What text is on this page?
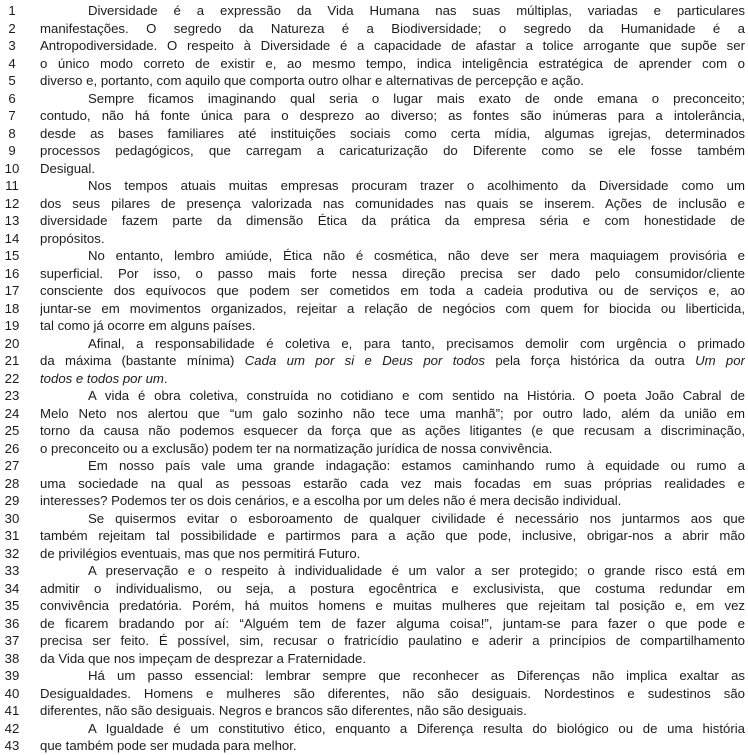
1	Diversidade é a expressão da Vida Humana nas suas múltiplas, variadas e particulares
2	manifestações. O segredo da Natureza é a Biodiversidade; o segredo da Humanidade é a
3	Antropodiversidade. O respeito à Diversidade é a capacidade de afastar a tolice arrogante que supõe ser
4	o único modo correto de existir e, ao mesmo tempo, indica inteligência estratégica de aprender com o
5	diverso e, portanto, com aquilo que comporta outro olhar e alternativas de percepção e ação.
6	Sempre ficamos imaginando qual seria o lugar mais exato de onde emana o preconceito;
7	contudo, não há fonte única para o desprezo ao diverso; as fontes são inúmeras para a intolerância,
8	desde as bases familiares até instituições sociais como certa mídia, algumas igrejas, determinados
9	processos pedagógicos, que carregam a caricaturização do Diferente como se ele fosse também
10 Desigual.
11	Nos tempos atuais muitas empresas procuram trazer o acolhimento da Diversidade como um
12 dos seus pilares de presença valorizada nas comunidades nas quais se inserem. Ações de inclusão e
13 diversidade fazem parte da dimensão Ética da prática da empresa séria e com honestidade de
14 propósitos.
15	No entanto, lembro amiúde, Ética não é cosmética, não deve ser mera maquiagem provisória e
16 superficial. Por isso, o passo mais forte nessa direção precisa ser dado pelo consumidor/cliente
17 consciente dos equívocos que podem ser cometidos em toda a cadeia produtiva ou de serviços e, ao
18 juntar-se em movimentos organizados, rejeitar a relação de negócios com quem for biocida ou liberticida,
19 tal como já ocorre em alguns países.
20	Afinal, a responsabilidade é coletiva e, para tanto, precisamos demolir com urgência o primado
21 da máxima (bastante mínima) Cada um por si e Deus por todos pela força histórica da outra Um por
22 todos e todos por um.
23	A vida é obra coletiva, construída no cotidiano e com sentido na História. O poeta João Cabral de
24 Melo Neto nos alertou que “um galo sozinho não tece uma manhã”; por outro lado, além da união em
25 torno da causa não podemos esquecer da força que as ações litigantes (e que recusam a discriminação,
26 o preconceito ou a exclusão) podem ter na normatização jurídica de nossa convivência.
27	Em nosso país vale uma grande indagação: estamos caminhando rumo à equidade ou rumo a
28 uma sociedade na qual as pessoas estarão cada vez mais focadas em suas próprias realidades e
29 interesses? Podemos ter os dois cenários, e a escolha por um deles não é mera decisão individual.
30	Se quisermos evitar o esboroamento de qualquer civilidade é necessário nos juntarmos aos que
31 também rejeitam tal possibilidade e partirmos para a ação que pode, inclusive, obrigar-nos a abrir mão
32 de privilégios eventuais, mas que nos permitirá Futuro.
33	A preservação e o respeito à individualidade é um valor a ser protegido; o grande risco está em
34 admitir o individualismo, ou seja, a postura egocêntrica e exclusivista, que costuma redundar em
35 convivência predatória. Porém, há muitos homens e muitas mulheres que rejeitam tal posição e, em vez
36 de ficarem bradando por aí: “Alguém tem de fazer alguma coisa!”, juntam-se para fazer o que pode e
37 precisa ser feito. É possível, sim, recusar o fratricídio paulatino e aderir a princípios de compartilhamento
38 da Vida que nos impeçam de desprezar a Fraternidade.
39	Há um passo essencial: lembrar sempre que reconhecer as Diferenças não implica exaltar as
40 Desigualdades. Homens e mulheres são diferentes, não são desiguais. Nordestinos e sudestinos são
41 diferentes, não são desiguais. Negros e brancos são diferentes, não são desiguais.
42	A Igualdade é um constitutivo ético, enquanto a Diferença resulta do biológico ou de uma história
43 que também pode ser mudada para melhor.
